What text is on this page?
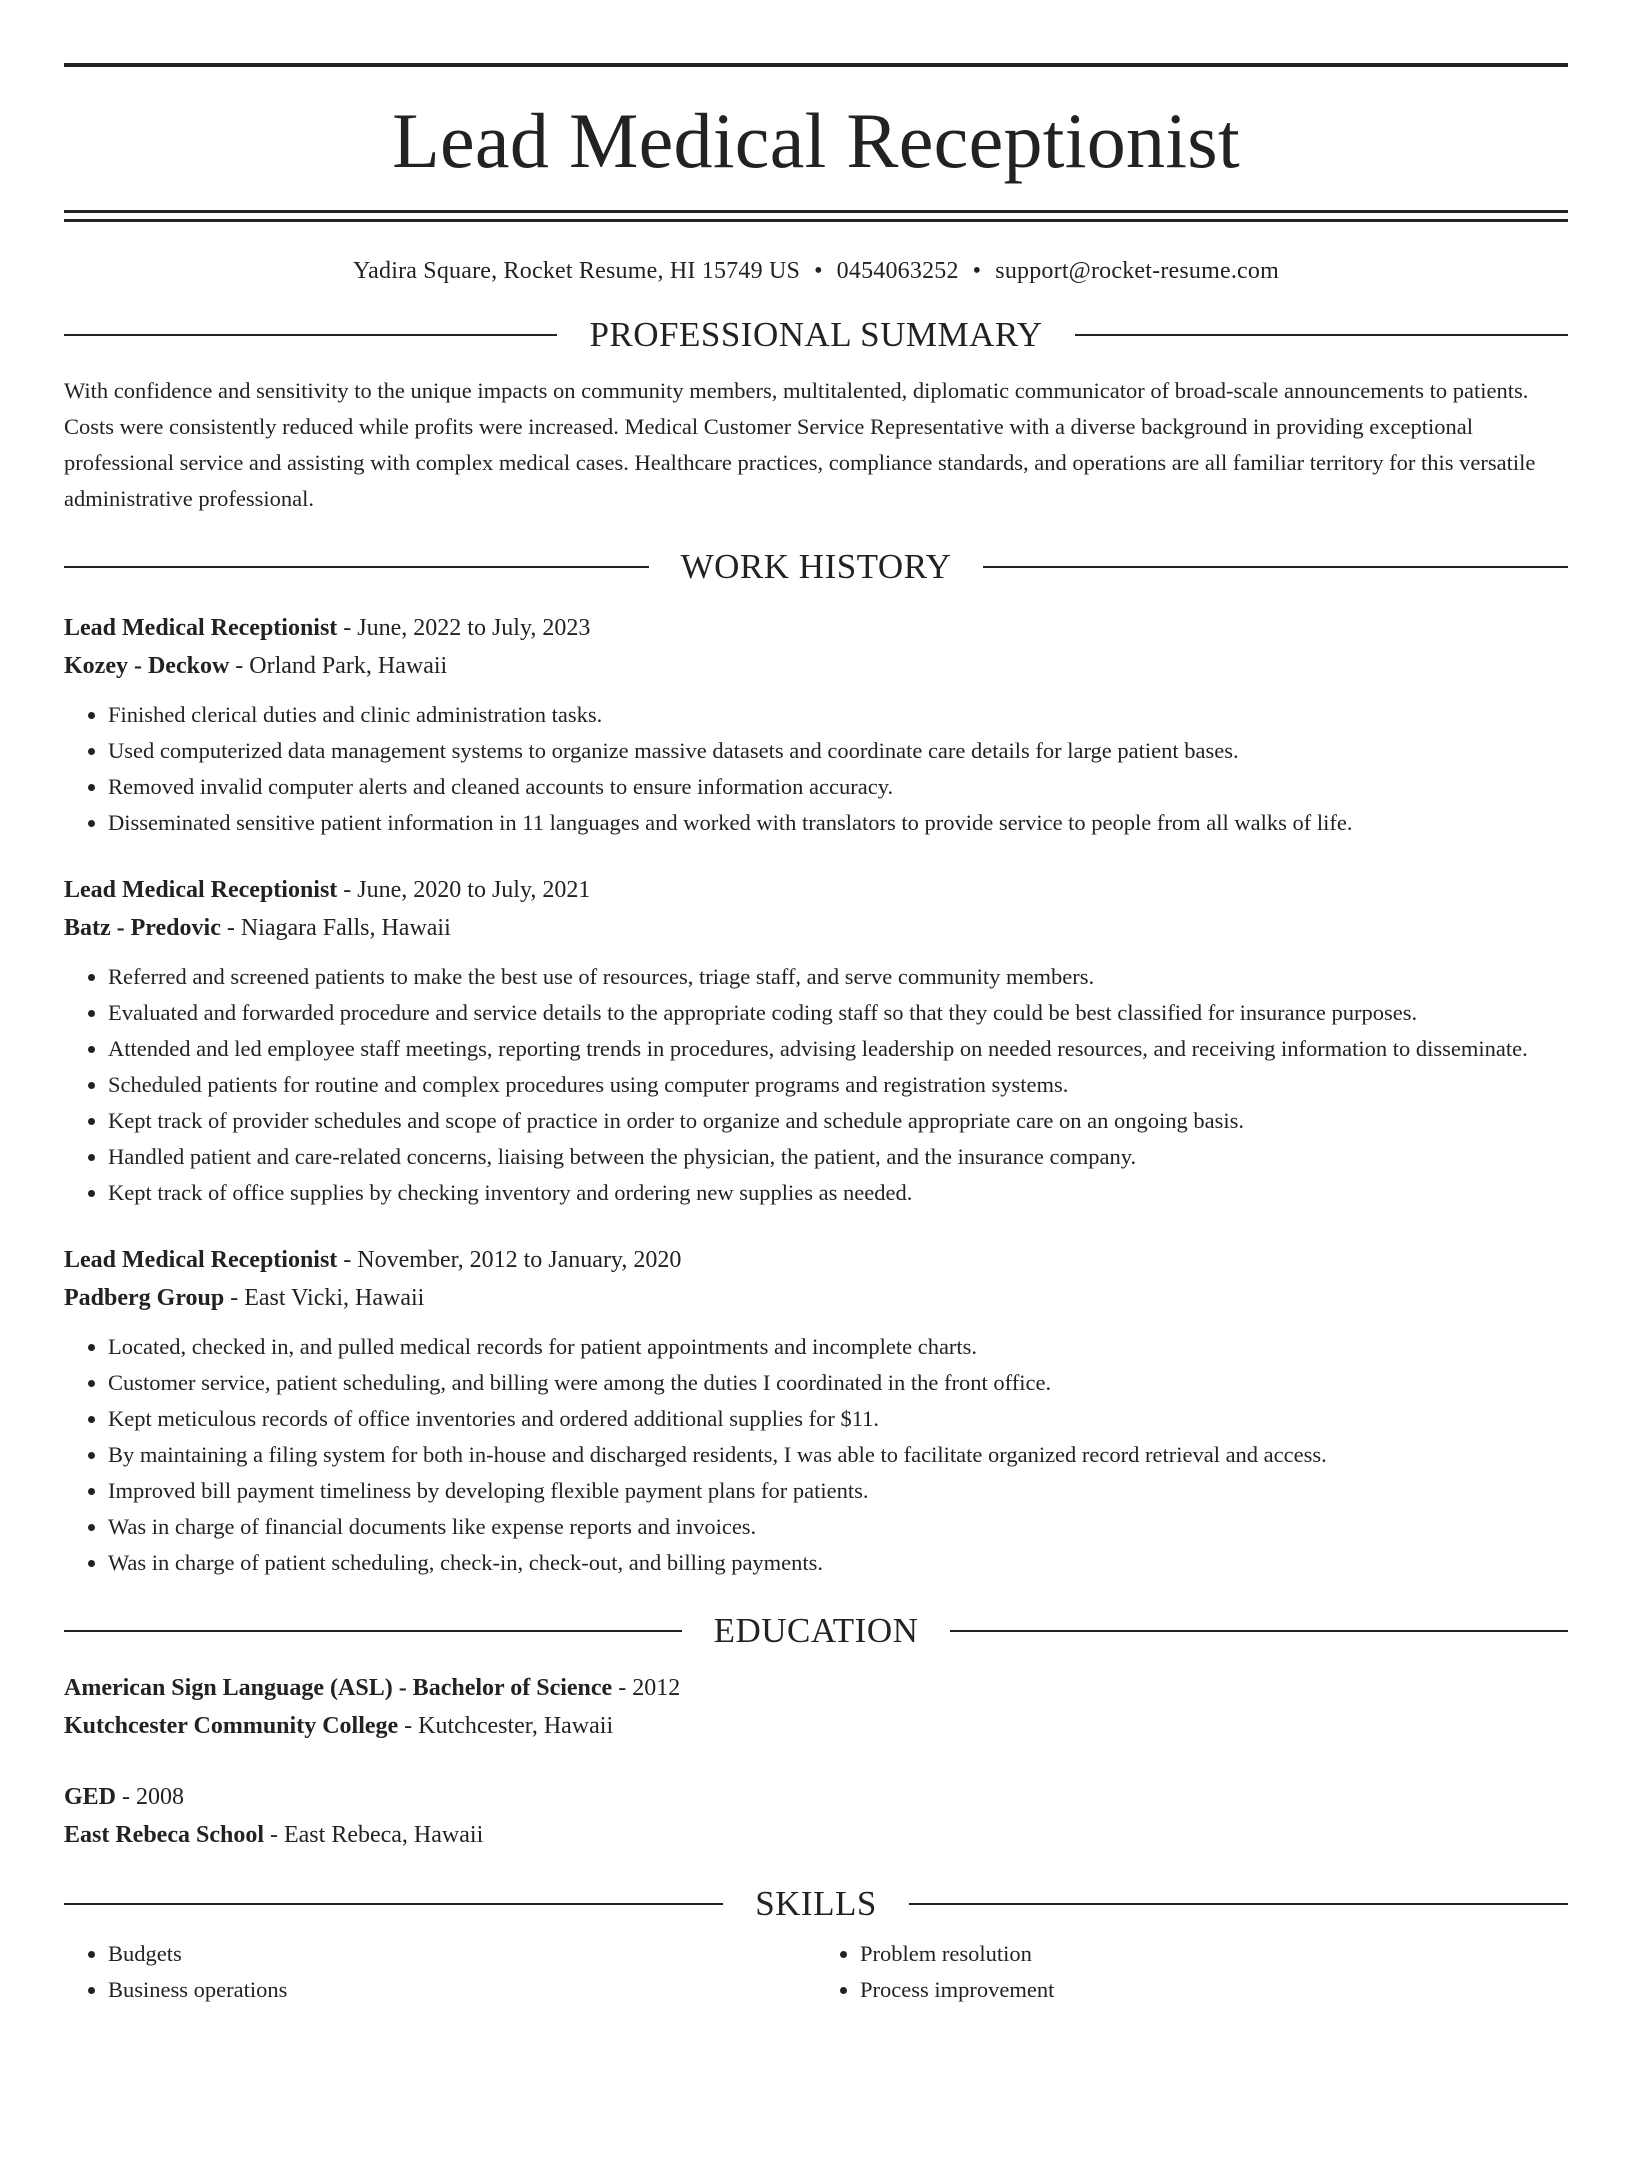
Lead Medical Receptionist
Yadira Square, Rocket Resume, HI 15749 US • 0454063252 • support@rocket-resume.com
PROFESSIONAL SUMMARY
With confidence and sensitivity to the unique impacts on community members, multitalented, diplomatic communicator of broad-scale announcements to patients. Costs were consistently reduced while profits were increased. Medical Customer Service Representative with a diverse background in providing exceptional professional service and assisting with complex medical cases. Healthcare practices, compliance standards, and operations are all familiar territory for this versatile administrative professional.
WORK HISTORY
Lead Medical Receptionist - June, 2022 to July, 2023
Kozey - Deckow - Orland Park, Hawaii
• Finished clerical duties and clinic administration tasks.
• Used computerized data management systems to organize massive datasets and coordinate care details for large patient bases.
• Removed invalid computer alerts and cleaned accounts to ensure information accuracy.
• Disseminated sensitive patient information in 11 languages and worked with translators to provide service to people from all walks of life.
Lead Medical Receptionist - June, 2020 to July, 2021
Batz - Predovic - Niagara Falls, Hawaii
• Referred and screened patients to make the best use of resources, triage staff, and serve community members.
• Evaluated and forwarded procedure and service details to the appropriate coding staff so that they could be best classified for insurance purposes.
• Attended and led employee staff meetings, reporting trends in procedures, advising leadership on needed resources, and receiving information to disseminate.
• Scheduled patients for routine and complex procedures using computer programs and registration systems.
• Kept track of provider schedules and scope of practice in order to organize and schedule appropriate care on an ongoing basis.
• Handled patient and care-related concerns, liaising between the physician, the patient, and the insurance company.
• Kept track of office supplies by checking inventory and ordering new supplies as needed.
Lead Medical Receptionist - November, 2012 to January, 2020
Padberg Group - East Vicki, Hawaii
• Located, checked in, and pulled medical records for patient appointments and incomplete charts.
• Customer service, patient scheduling, and billing were among the duties I coordinated in the front office.
• Kept meticulous records of office inventories and ordered additional supplies for $11.
• By maintaining a filing system for both in-house and discharged residents, I was able to facilitate organized record retrieval and access.
• Improved bill payment timeliness by developing flexible payment plans for patients.
• Was in charge of financial documents like expense reports and invoices.
• Was in charge of patient scheduling, check-in, check-out, and billing payments.
EDUCATION
American Sign Language (ASL) - Bachelor of Science - 2012
Kutchcester Community College - Kutchcester, Hawaii
GED - 2008
East Rebeca School - East Rebeca, Hawaii
SKILLS
• Budgets
• Business operations
• Problem resolution
• Process improvement
